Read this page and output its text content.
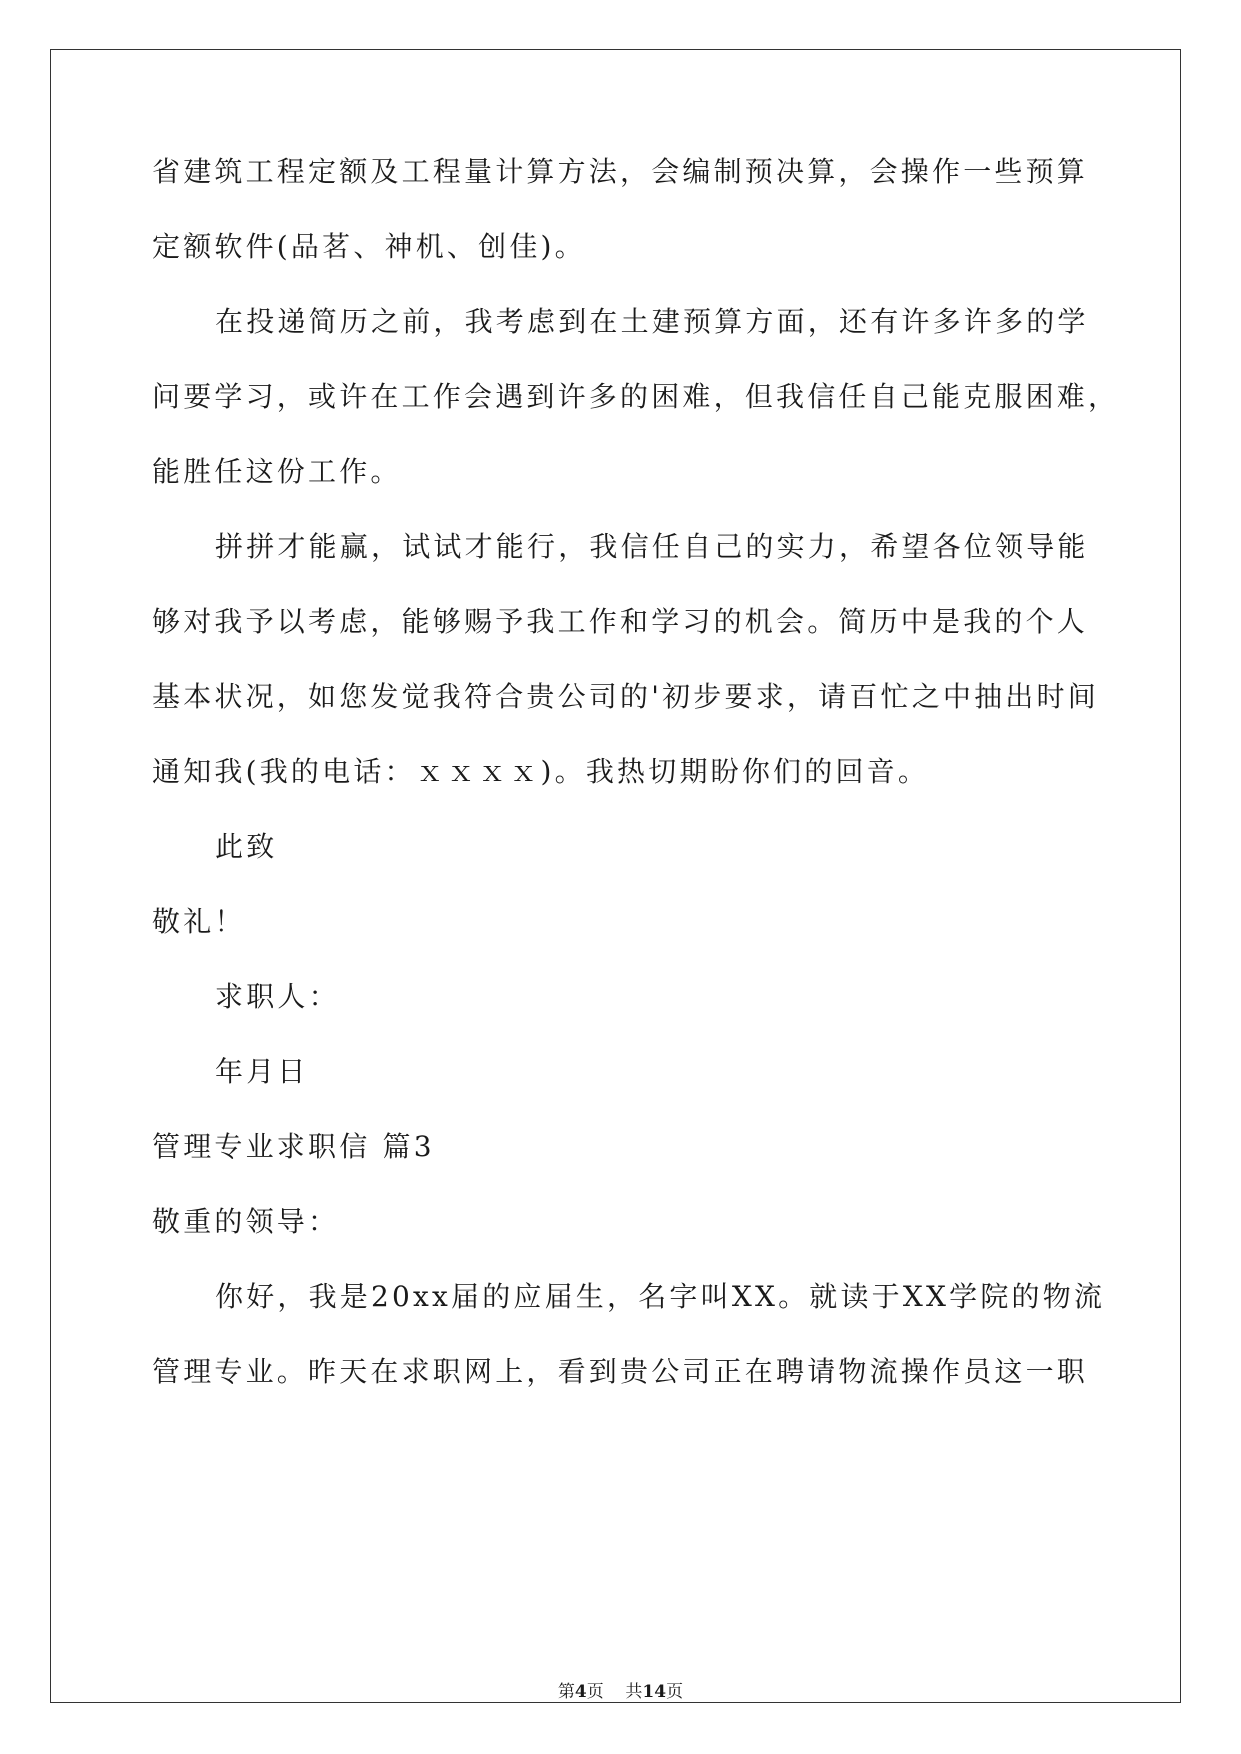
省建筑工程定额及工程量计算方法，会编制预决算，会操作一些预算
定额软件(品茗、神机、创佳)。
在投递简历之前，我考虑到在土建预算方面，还有许多许多的学
问要学习，或许在工作会遇到许多的困难，但我信任自己能克服困难，
能胜任这份工作。
拼拼才能赢，试试才能行，我信任自己的实力，希望各位领导能
够对我予以考虑，能够赐予我工作和学习的机会。简历中是我的个人
基本状况，如您发觉我符合贵公司的'初步要求，请百忙之中抽出时间
通知我(我的电话：ｘｘｘｘ)。我热切期盼你们的回音。
此致
敬礼！
求职人：
年月日
管理专业求职信 篇3
敬重的领导：
你好，我是20xx届的应届生，名字叫XX。就读于XX学院的物流
管理专业。昨天在求职网上，看到贵公司正在聘请物流操作员这一职
第4页 共14页
